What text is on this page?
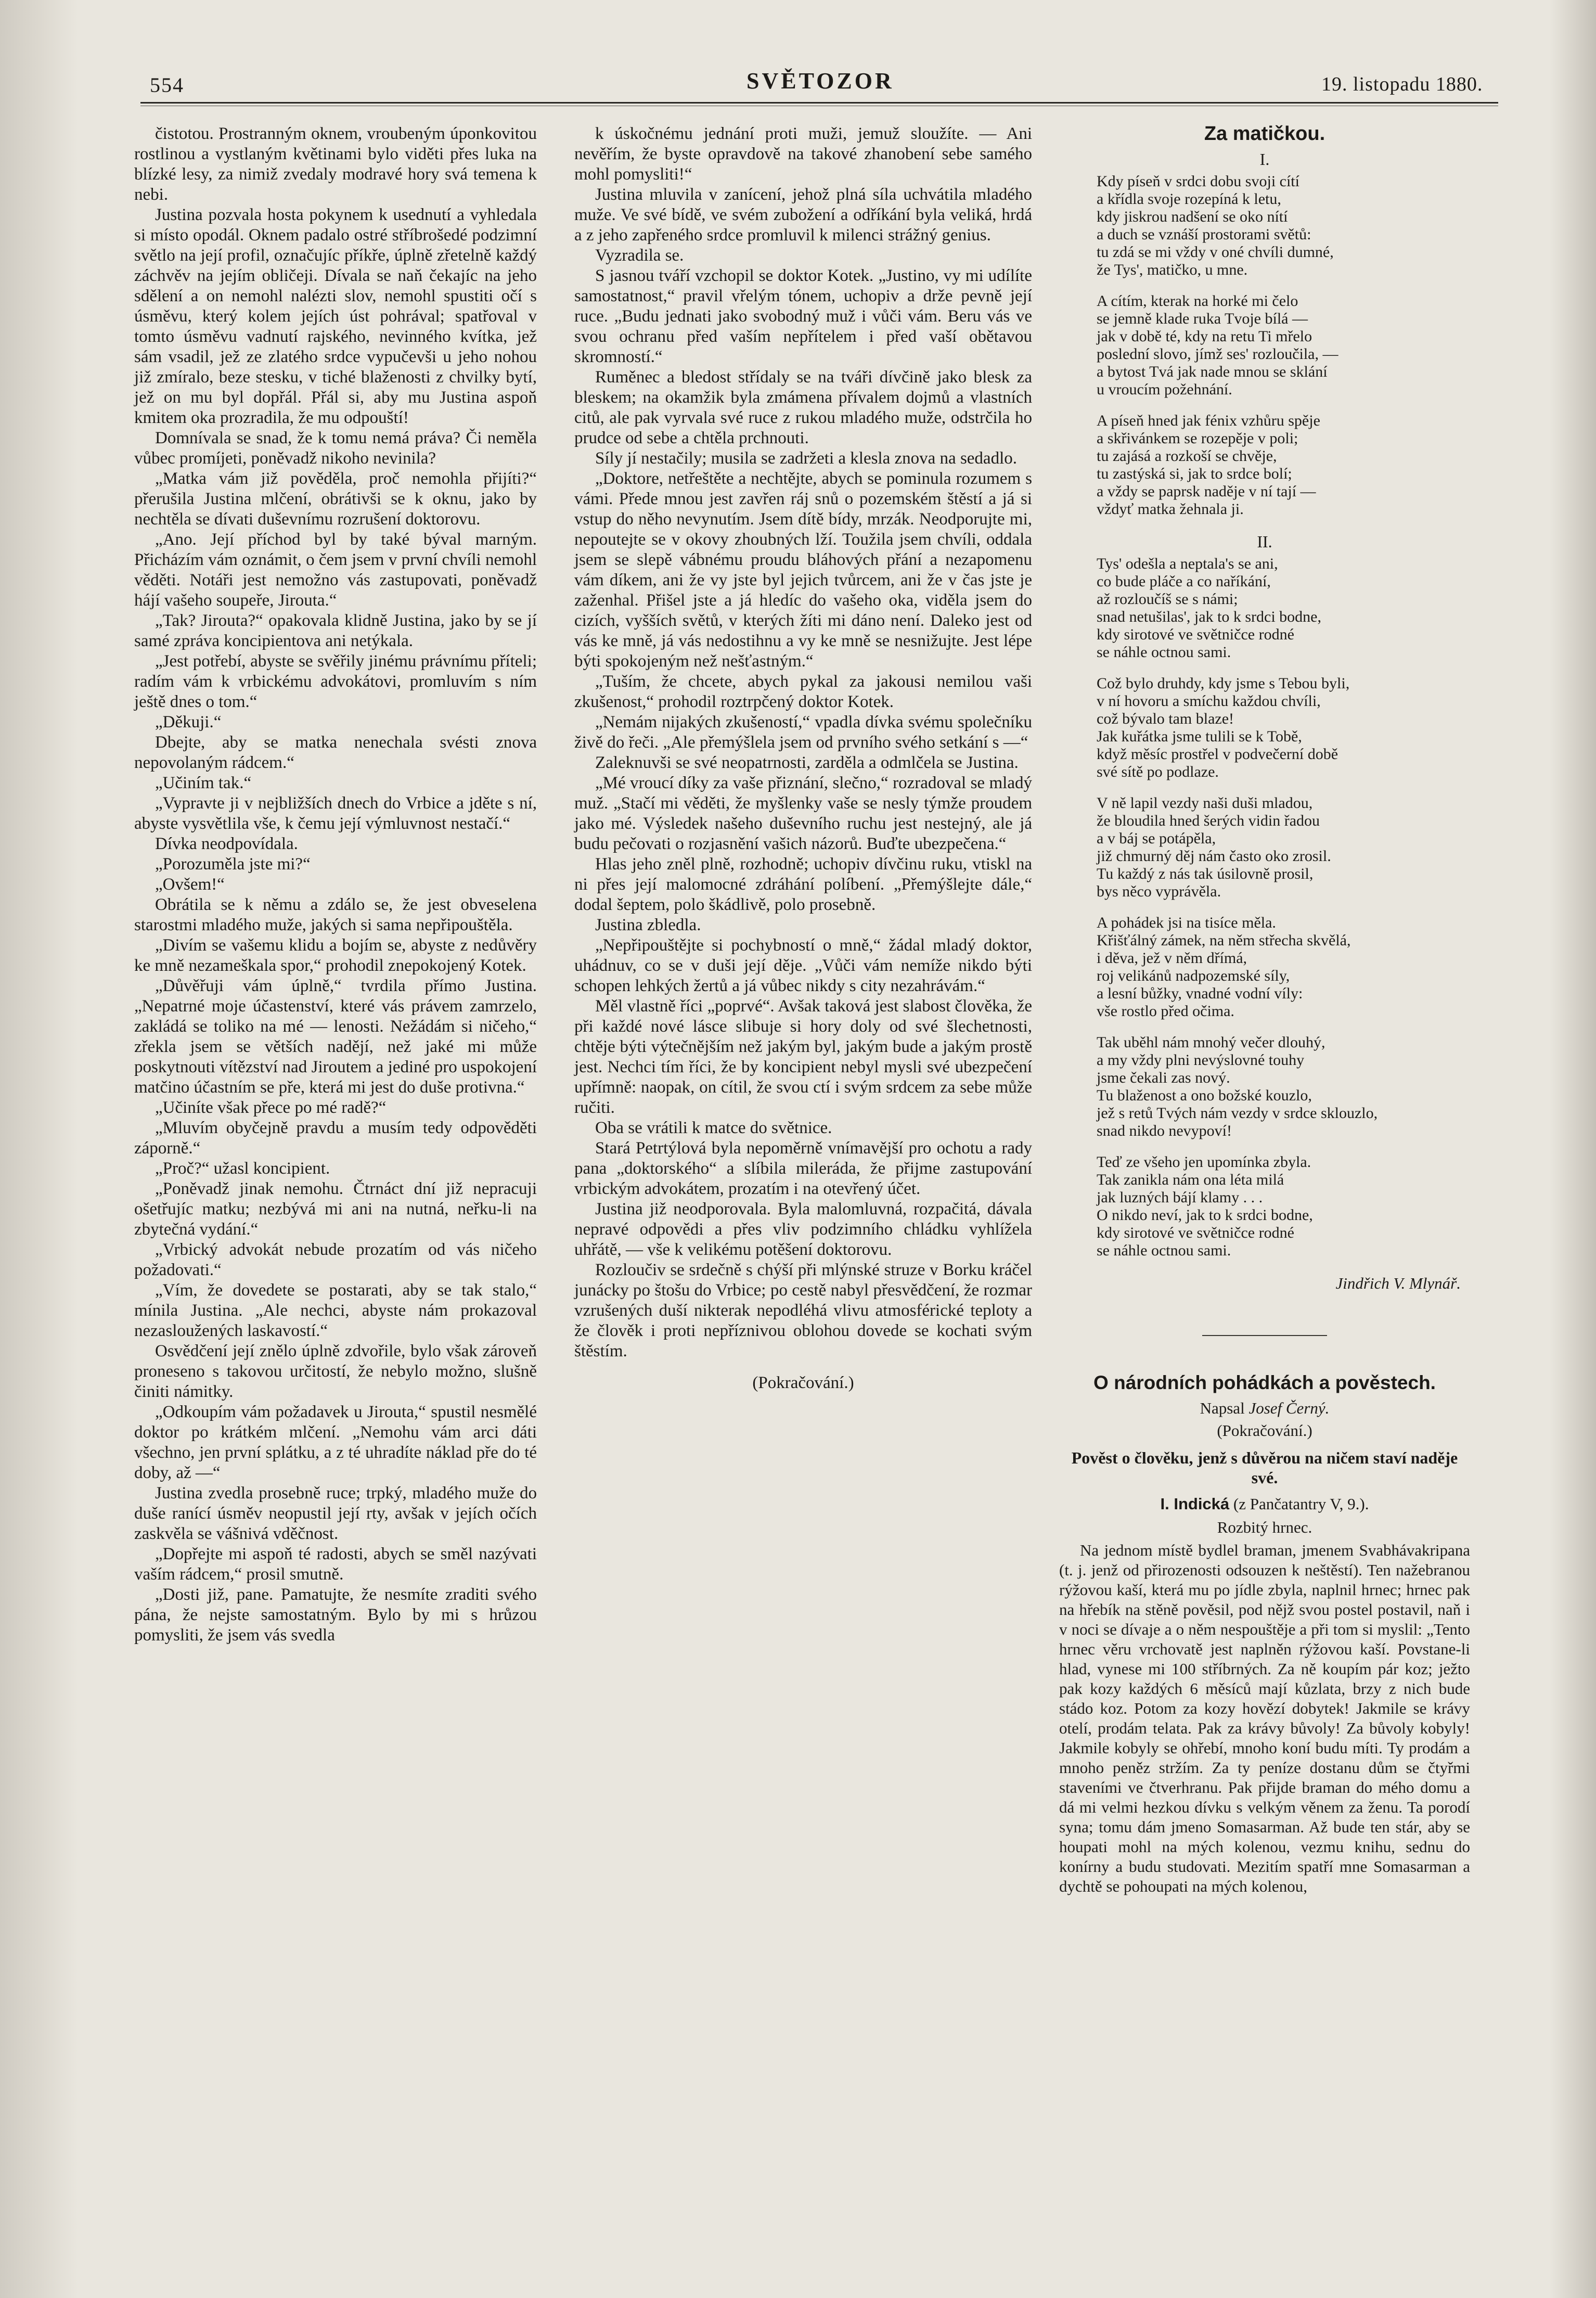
554	SVĚTOZOR	19. listopadu 1880.

čistotou. Prostranným oknem, vroubeným úponkovitou rostlinou a vystlaným květinami bylo viděti přes luka na blízké lesy, za nimiž zvedaly modravé hory svá temena k nebi.

Justina pozvala hosta pokynem k usednutí a vyhledala si místo opodál. Oknem padalo ostré stříbrošedé podzimní světlo na její profil, označujíc příkře, úplně zřetelně každý záchvěv na jejím obličeji. Dívala se naň čekajíc na jeho sdělení a on nemohl nalézti slov, nemohl spustiti očí s úsměvu, který kolem jejích úst pohrával; spatřoval v tomto úsměvu vadnutí rajského, nevinného kvítka, jež sám vsadil, jež ze zlatého srdce vypučevši u jeho nohou již zmíralo, beze stesku, v tiché blaženosti z chvilky bytí, jež on mu byl dopřál. Přál si, aby mu Justina aspoň kmitem oka prozradila, že mu odpouští!

Domnívala se snad, že k tomu nemá práva? Či neměla vůbec promíjeti, poněvadž nikoho nevinila?

„Matka vám již pověděla, proč nemohla přijíti?“ přerušila Justina mlčení, obrátivši se k oknu, jako by nechtěla se dívati duševnímu rozrušení doktorovu.

„Ano. Její příchod byl by také býval marným. Přicházím vám oznámit, o čem jsem v první chvíli nemohl věděti. Notáři jest nemožno vás zastupovati, poněvadž hájí vašeho soupeře, Jirouta.“

„Tak? Jirouta?“ opakovala klidně Justina, jako by se jí samé zpráva koncipientova ani netýkala.

„Jest potřebí, abyste se svěřily jinému právnímu příteli; radím vám k vrbickému advokátovi, promluvím s ním ještě dnes o tom.“

„Děkuji.“

Dbejte, aby se matka nenechala svésti znova nepovolaným rádcem.“

„Učiním tak.“

„Vypravte ji v nejbližších dnech do Vrbice a jděte s ní, abyste vysvětlila vše, k čemu její výmluvnost nestačí.“

Dívka neodpovídala.

„Porozuměla jste mi?“

„Ovšem!“

Obrátila se k němu a zdálo se, že jest obveselena starostmi mladého muže, jakých si sama nepřipouštěla.

„Divím se vašemu klidu a bojím se, abyste z nedůvěry ke mně nezameškala spor,“ prohodil znepokojený Kotek.

„Důvěřuji vám úplně,“ tvrdila přímo Justina. „Nepatrné moje účastenství, které vás právem zamrzelo, zakládá se toliko na mé — lenosti. Nežádám si ničeho,“ zřekla jsem se větších nadějí, než jaké mi může poskytnouti vítězství nad Jiroutem a jediné pro uspokojení matčino účastním se pře, která mi jest do duše protivna.“

„Učiníte však přece po mé radě?“

„Mluvím obyčejně pravdu a musím tedy odpověděti záporně.“

„Proč?“ užasl koncipient.

„Poněvadž jinak nemohu. Čtrnáct dní již nepracuji ošetřujíc matku; nezbývá mi ani na nutná, neřku-li na zbytečná vydání.“

„Vrbický advokát nebude prozatím od vás ničeho požadovati.“

„Vím, že dovedete se postarati, aby se tak stalo,“ mínila Justina. „Ale nechci, abyste nám prokazoval nezasloužených laskavostí.“

Osvědčení její znělo úplně zdvořile, bylo však zároveň proneseno s takovou určitostí, že nebylo možno, slušně činiti námitky.

„Odkoupím vám požadavek u Jirouta,“ spustil nesmělé doktor po krátkém mlčení. „Nemohu vám arci dáti všechno, jen první splátku, a z té uhradíte náklad pře do té doby, až —“

Justina zvedla prosebně ruce; trpký, mladého muže do duše ranící úsměv neopustil její rty, avšak v jejích očích zaskvěla se vášnivá vděčnost.

„Dopřejte mi aspoň té radosti, abych se směl nazývati vaším rádcem,“ prosil smutně.

„Dosti již, pane. Pamatujte, že nesmíte zraditi svého pána, že nejste samostatným. Bylo by mi s hrůzou pomysliti, že jsem vás svedla

k úskočnému jednání proti muži, jemuž sloužíte. — Ani nevěřím, že byste opravdově na takové zhanobení sebe samého mohl pomysliti!“

Justina mluvila v zanícení, jehož plná síla uchvátila mladého muže. Ve své bídě, ve svém zubožení a odříkání byla veliká, hrdá a z jeho zapřeného srdce promluvil k milenci strážný genius.

Vyzradila se.

S jasnou tváří vzchopil se doktor Kotek. „Justino, vy mi udílíte samostatnost,“ pravil vřelým tónem, uchopiv a drže pevně její ruce. „Budu jednati jako svobodný muž i vůči vám. Beru vás ve svou ochranu před vaším nepřítelem i před vaší obětavou skromností.“

Ruměnec a bledost střídaly se na tváři dívčině jako blesk za bleskem; na okamžik byla zmámena přívalem dojmů a vlastních citů, ale pak vyrvala své ruce z rukou mladého muže, odstrčila ho prudce od sebe a chtěla prchnouti.

Síly jí nestačily; musila se zadržeti a klesla znova na sedadlo.

„Doktore, netřeštěte a nechtějte, abych se pominula rozumem s vámi. Přede mnou jest zavřen ráj snů o pozemském štěstí a já si vstup do něho nevynutím. Jsem dítě bídy, mrzák. Neodporujte mi, nepoutejte se v okovy zhoubných lží. Toužila jsem chvíli, oddala jsem se slepě vábnému proudu bláhových přání a nezapomenu vám díkem, ani že vy jste byl jejich tvůrcem, ani že v čas jste je zaženhal. Přišel jste a já hledíc do vašeho oka, viděla jsem do cizích, vyšších světů, v kterých žíti mi dáno není. Daleko jest od vás ke mně, já vás nedostihnu a vy ke mně se nesnižujte. Jest lépe býti spokojeným než nešťastným.“

„Tuším, že chcete, abych pykal za jakousi nemilou vaši zkušenost,“ prohodil roztrpčený doktor Kotek.

„Nemám nijakých zkušeností,“ vpadla dívka svému společníku živě do řeči. „Ale přemýšlela jsem od prvního svého setkání s —“

Zaleknuvši se své neopatrnosti, zarděla a odmlčela se Justina.

„Mé vroucí díky za vaše přiznání, slečno,“ rozradoval se mladý muž. „Stačí mi věděti, že myšlenky vaše se nesly týmže proudem jako mé. Výsledek našeho duševního ruchu jest nestejný, ale já budu pečovati o rozjasnění vašich názorů. Buďte ubezpečena.“

Hlas jeho zněl plně, rozhodně; uchopiv dívčinu ruku, vtiskl na ni přes její malomocné zdráhání políbení. „Přemýšlejte dále,“ dodal šeptem, polo škádlivě, polo prosebně.

Justina zbledla.

„Nepřipouštějte si pochybností o mně,“ žádal mladý doktor, uhádnuv, co se v duši její děje. „Vůči vám nemíže nikdo býti schopen lehkých žertů a já vůbec nikdy s city nezahrávám.“

Měl vlastně říci „poprvé“. Avšak taková jest slabost člověka, že při každé nové lásce slibuje si hory doly od své šlechetnosti, chtěje býti výtečnějším než jakým byl, jakým bude a jakým prostě jest. Nechci tím říci, že by koncipient nebyl mysli své ubezpečení upřímně: naopak, on cítil, že svou ctí i svým srdcem za sebe může ručiti.

Oba se vrátili k matce do světnice.

Stará Petrtýlová byla nepoměrně vnímavější pro ochotu a rady pana „doktorského“ a slíbila mileráda, že přijme zastupování vrbickým advokátem, prozatím i na otevřený účet.

Justina již neodporovala. Byla malomluvná, rozpačitá, dávala nepravé odpovědi a přes vliv podzimního chládku vyhlížela uhřátě, — vše k velikému potěšení doktorovu.

Rozloučiv se srdečně s chýší při mlýnské struze v Borku kráčel junácky po štošu do Vrbice; po cestě nabyl přesvědčení, že rozmar vzrušených duší nikterak nepodléhá vlivu atmosférické teploty a že člověk i proti nepříznivou oblohou dovede se kochati svým štěstím.

(Pokračování.)

Za matičkou.
I.
Kdy píseň v srdci dobu svoji cítí
a křídla svoje rozepíná k letu,
kdy jiskrou nadšení se oko nítí
a duch se vznáší prostorami světů:
tu zdá se mi vždy v oné chvíli dumné,
že Tys', matičko, u mne.
A cítím, kterak na horké mi čelo
se jemně klade ruka Tvoje bílá —
jak v době té, kdy na retu Ti mřelo
poslední slovo, jímž ses' rozloučila, —
a bytost Tvá jak nade mnou se sklání
u vroucím požehnání.
A píseň hned jak fénix vzhůru spěje
a skřivánkem se rozepěje v poli;
tu zajásá a rozkoší se chvěje,
tu zastýská si, jak to srdce bolí;
a vždy se paprsk naděje v ní tají —
vždyť matka žehnala ji.
II.
Tys' odešla a neptala's se ani,
co bude pláče a co naříkání,
až rozloučíš se s námi;
snad netušilas', jak to k srdci bodne,
kdy sirotové ve světničce rodné
se náhle octnou sami.
Což bylo druhdy, kdy jsme s Tebou byli,
v ní hovoru a smíchu každou chvíli,
což bývalo tam blaze!
Jak kuřátka jsme tulili se k Tobě,
když měsíc prostřel v podvečerní době
své sítě po podlaze.
V ně lapil vezdy naši duši mladou,
že bloudila hned šerých vidin řadou
a v báj se potápěla,
již chmurný děj nám často oko zrosil.
Tu každý z nás tak úsilovně prosil,
bys něco vyprávěla.
A pohádek jsi na tisíce měla.
Křišťálný zámek, na něm střecha skvělá,
i děva, jež v něm dřímá,
roj velikánů nadpozemské síly,
a lesní bůžky, vnadné vodní víly:
vše rostlo před očima.
Tak uběhl nám mnohý večer dlouhý,
a my vždy plni nevýslovné touhy
jsme čekali zas nový.
Tu blaženost a ono božské kouzlo,
jež s retů Tvých nám vezdy v srdce sklouzlo,
snad nikdo nevypoví!
Teď ze všeho jen upomínka zbyla.
Tak zanikla nám ona léta milá
jak luzných bájí klamy . . .
O nikdo neví, jak to k srdci bodne,
kdy sirotové ve světničce rodné
se náhle octnou sami.
Jindřich V. Mlynář.
O národních pohádkách a pověstech.
Napsal Josef Černý.
(Pokračování.)
Pověst o člověku, jenž s důvěrou na ničem staví naděje své.
I. Indická (z Pančatantry V, 9.).
Rozbitý hrnec.

Na jednom místě bydlel braman, jmenem Svabhávakripana (t. j. jenž od přirozenosti odsouzen k neštěstí). Ten nažebranou rýžovou kaší, která mu po jídle zbyla, naplnil hrnec; hrnec pak na hřebík na stěně pověsil, pod nějž svou postel postavil, naň i v noci se dívaje a o něm nespouštěje a při tom si myslil: „Tento hrnec věru vrchovatě jest naplněn rýžovou kaší. Povstane-li hlad, vynese mi 100 stříbrných. Za ně koupím pár koz; ježto pak kozy každých 6 měsíců mají kůzlata, brzy z nich bude stádo koz. Potom za kozy hovězí dobytek! Jakmile se krávy otelí, prodám telata. Pak za krávy bůvoly! Za bůvoly kobyly! Jakmile kobyly se ohřebí, mnoho koní budu míti. Ty prodám a mnoho peněz stržím. Za ty peníze dostanu dům se čtyřmi staveními ve čtverhranu. Pak přijde braman do mého domu a dá mi velmi hezkou dívku s velkým věnem za ženu. Ta porodí syna; tomu dám jmeno Somasarman. Až bude ten stár, aby se houpati mohl na mých kolenou, vezmu knihu, sednu do konírny a budu studovati. Mezitím spatří mne Somasarman a dychtě se pohoupati na mých kolenou,
